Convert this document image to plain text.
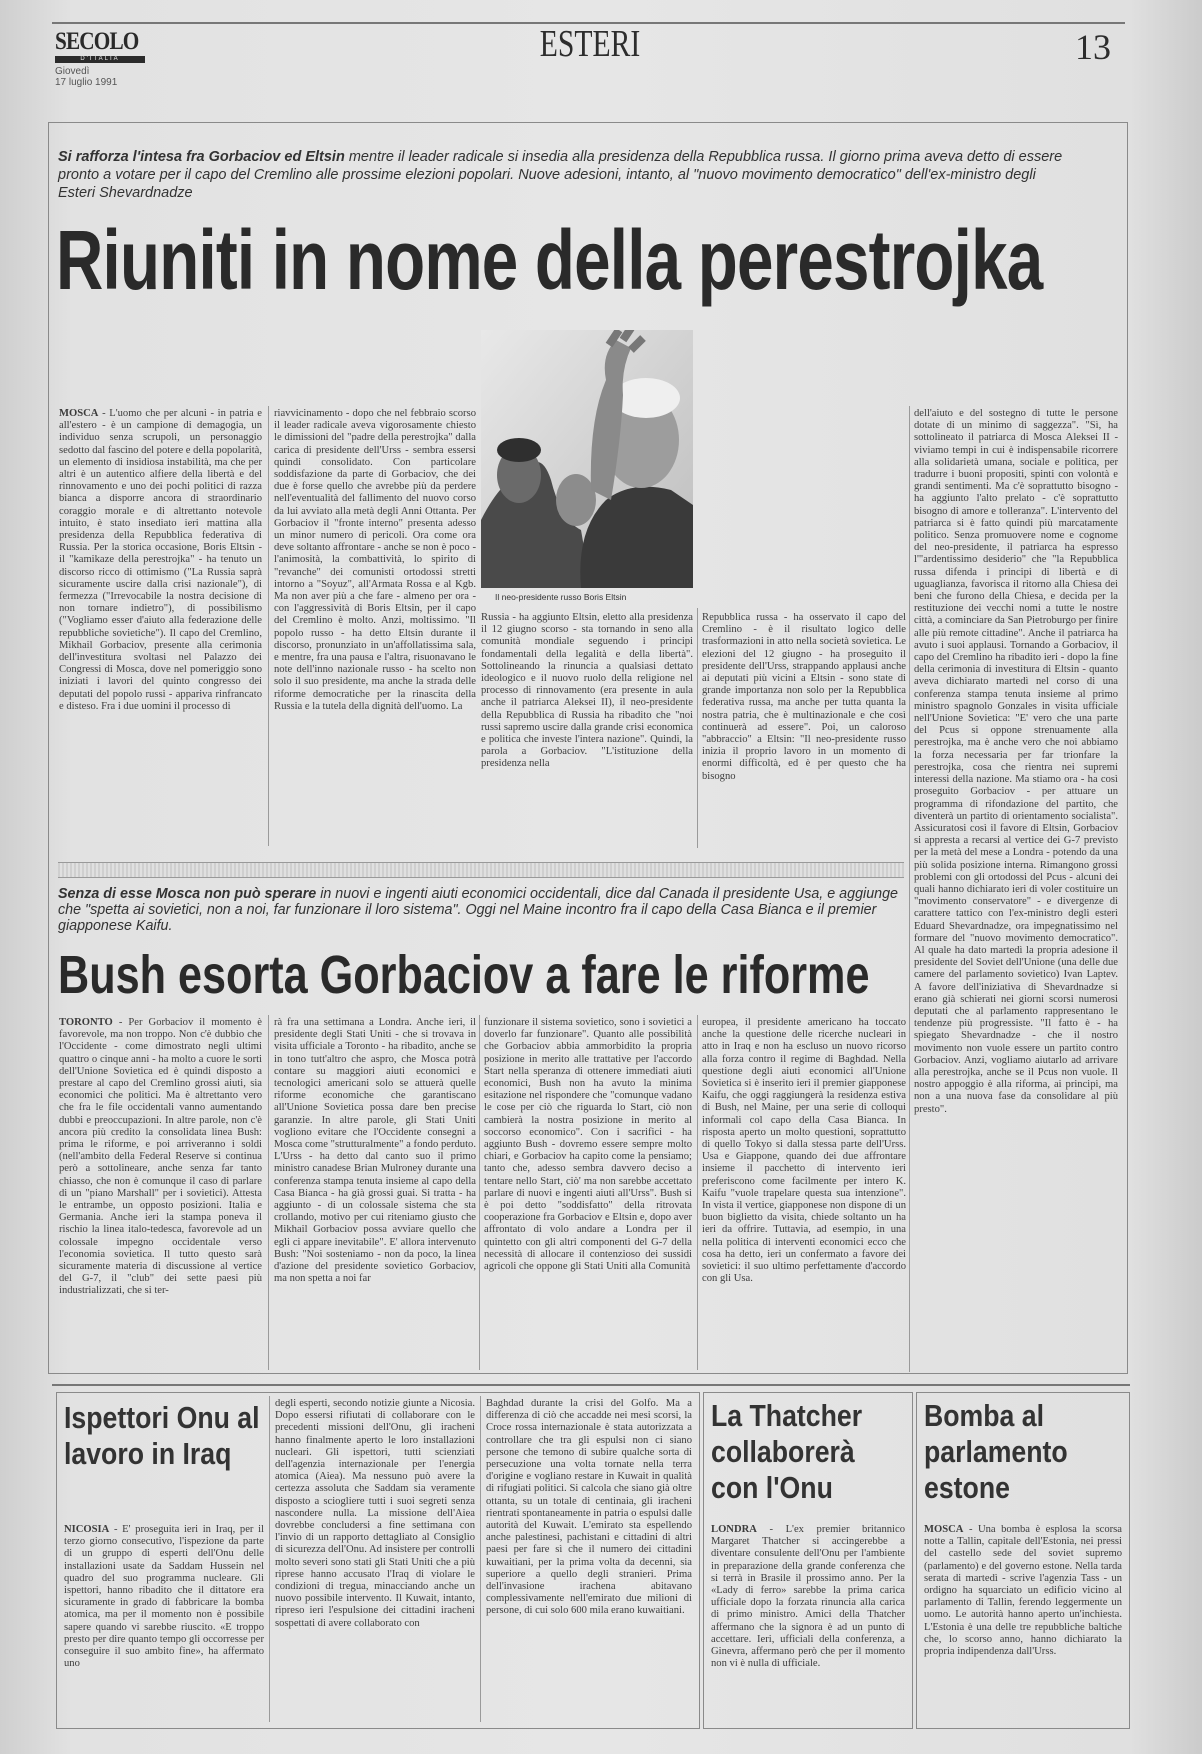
SECOLO
D'ITALIA
Giovedì
17 luglio 1991
ESTERI	13
Si rafforza l'intesa fra Gorbaciov ed Eltsin mentre il leader radicale si insedia alla presidenza della Repubblica russa. Il giorno prima aveva detto di essere pronto a votare per il capo del Cremlino alle prossime elezioni popolari. Nuove adesioni, intanto, al "nuovo movimento democratico" dell'ex-ministro degli Esteri Shevardnadze
Riuniti in nome della perestrojka
Il neo-presidente russo Boris Eltsin
MOSCA - L'uomo che per alcuni - in patria e all'estero - è un campione di demagogia, un individuo senza scrupoli, un personaggio sedotto dal fascino del potere e della popolarità, un elemento di insidiosa instabilità, ma che per altri è un autentico alfiere della libertà e del rinnovamento e uno dei pochi politici di razza bianca a disporre ancora di straordinario coraggio morale e di altrettanto notevole intuito, è stato insediato ieri mattina alla presidenza della Repubblica federativa di Russia. Per la storica occasione, Boris Eltsin - il "kamikaze della perestrojka" - ha tenuto un discorso ricco di ottimismo ("La Russia saprà sicuramente uscire dalla crisi nazionale"), di fermezza ("Irrevocabile la nostra decisione di non tornare indietro"), di possibilismo ("Vogliamo esser d'aiuto alla federazione delle repubbliche sovietiche"). Il capo del Cremlino, Mikhail Gorbaciov, presente alla cerimonia dell'investitura svoltasi nel Palazzo dei Congressi di Mosca, dove nel pomeriggio sono iniziati i lavori del quinto congresso dei deputati del popolo russi - appariva rinfrancato e disteso. Fra i due uomini il processo di
riavvicinamento - dopo che nel febbraio scorso il leader radicale aveva vigorosamente chiesto le dimissioni del "padre della perestrojka" dalla carica di presidente dell'Urss - sembra essersi quindi consolidato. Con particolare soddisfazione da parte di Gorbaciov, che dei due è forse quello che avrebbe più da perdere nell'eventualità del fallimento del nuovo corso da lui avviato alla metà degli Anni Ottanta. Per Gorbaciov il "fronte interno" presenta adesso un minor numero di pericoli. Ora come ora deve soltanto affrontare - anche se non è poco - l'animosità, la combattività, lo spirito di "revanche" dei comunisti ortodossi stretti intorno a "Soyuz", all'Armata Rossa e al Kgb. Ma non aver più a che fare - almeno per ora - con l'aggressività di Boris Eltsin, per il capo del Cremlino è molto. Anzi, moltissimo. "Il popolo russo - ha detto Eltsin durante il discorso, pronunziato in un'affollatissima sala, e mentre, fra una pausa e l'altra, risuonavano le note dell'inno nazionale russo - ha scelto non solo il suo presidente, ma anche la strada delle riforme democratiche per la rinascita della Russia e la tutela della dignità dell'uomo. La
Russia - ha aggiunto Eltsin, eletto alla presidenza il 12 giugno scorso - sta tornando in seno alla comunità mondiale seguendo i principi fondamentali della legalità e della libertà". Sottolineando la rinuncia a qualsiasi dettato ideologico e il nuovo ruolo della religione nel processo di rinnovamento (era presente in aula anche il patriarca Aleksei II), il neo-presidente della Repubblica di Russia ha ribadito che "noi russi sapremo uscire dalla grande crisi economica e politica che investe l'intera nazione". Quindi, la parola a Gorbaciov. "L'istituzione della presidenza nella
Repubblica russa - ha osservato il capo del Cremlino - è il risultato logico delle trasformazioni in atto nella società sovietica. Le elezioni del 12 giugno - ha proseguito il presidente dell'Urss, strappando applausi anche ai deputati più vicini a Eltsin - sono state di grande importanza non solo per la Repubblica federativa russa, ma anche per tutta quanta la nostra patria, che è multinazionale e che così continuerà ad essere". Poi, un caloroso "abbraccio" a Eltsin: "Il neo-presidente russo inizia il proprio lavoro in un momento di enormi difficoltà, ed è per questo che ha bisogno
dell'aiuto e del sostegno di tutte le persone dotate di un minimo di saggezza". "Sì, ha sottolineato il patriarca di Mosca Aleksei II - viviamo tempi in cui è indispensabile ricorrere alla solidarietà umana, sociale e politica, per tradurre i buoni propositi, spinti con volontà e grandi sentimenti. Ma c'è soprattutto bisogno - ha aggiunto l'alto prelato - c'è soprattutto bisogno di amore e tolleranza". L'intervento del patriarca si è fatto quindi più marcatamente politico. Senza promuovere nome e cognome del neo-presidente, il patriarca ha espresso l'"ardentissimo desiderio" che "la Repubblica russa difenda i principi di libertà e di uguaglianza, favorisca il ritorno alla Chiesa dei beni che furono della Chiesa, e decida per la restituzione dei vecchi nomi a tutte le nostre città, a cominciare da San Pietroburgo per finire alle più remote cittadine". Anche il patriarca ha avuto i suoi applausi. Tornando a Gorbaciov, il capo del Cremlino ha ribadito ieri - dopo la fine della cerimonia di investitura di Eltsin - quanto aveva dichiarato martedì nel corso di una conferenza stampa tenuta insieme al primo ministro spagnolo Gonzales in visita ufficiale nell'Unione Sovietica: "E' vero che una parte del Pcus si oppone strenuamente alla perestrojka, ma è anche vero che noi abbiamo la forza necessaria per far trionfare la perestrojka, cosa che rientra nei supremi interessi della nazione. Ma stiamo ora - ha così proseguito Gorbaciov - per attuare un programma di rifondazione del partito, che diventerà un partito di orientamento socialista". Assicuratosi così il favore di Eltsin, Gorbaciov si appresta a recarsi al vertice dei G-7 previsto per la metà del mese a Londra - potendo da una più solida posizione interna. Rimangono grossi problemi con gli ortodossi del Pcus - alcuni dei quali hanno dichiarato ieri di voler costituire un "movimento conservatore" - e divergenze di carattere tattico con l'ex-ministro degli esteri Eduard Shevardnadze, ora impegnatissimo nel formare del "nuovo movimento democratico". Al quale ha dato martedì la propria adesione il presidente del Soviet dell'Unione (una delle due camere del parlamento sovietico) Ivan Laptev. A favore dell'iniziativa di Shevardnadze si erano già schierati nei giorni scorsi numerosi deputati che al parlamento rappresentano le tendenze più progressiste. "Il fatto è - ha spiegato Shevardnadze - che il nostro movimento non vuole essere un partito contro Gorbaciov. Anzi, vogliamo aiutarlo ad arrivare alla perestrojka, anche se il Pcus non vuole. Il nostro appoggio è alla riforma, ai principi, ma non a una nuova fase da consolidare al più presto".
Senza di esse Mosca non può sperare in nuovi e ingenti aiuti economici occidentali, dice dal Canada il presidente Usa, e aggiunge che "spetta ai sovietici, non a noi, far funzionare il loro sistema". Oggi nel Maine incontro fra il capo della Casa Bianca e il premier giapponese Kaifu.
Bush esorta Gorbaciov a fare le riforme
TORONTO - Per Gorbaciov il momento è favorevole, ma non troppo. Non c'è dubbio che l'Occidente - come dimostrato negli ultimi quattro o cinque anni - ha molto a cuore le sorti dell'Unione Sovietica ed è quindi disposto a prestare al capo del Cremlino grossi aiuti, sia economici che politici. Ma è altrettanto vero che fra le file occidentali vanno aumentando dubbi e preoccupazioni. In altre parole, non c'è ancora più credito la consolidata linea Bush: prima le riforme, e poi arriveranno i soldi (nell'ambito della Federal Reserve si continua però a sottolineare, anche senza far tanto chiasso, che non è comunque il caso di parlare di un "piano Marshall" per i sovietici). Attesta le entrambe, un opposto posizioni. Italia e Germania. Anche ieri la stampa poneva il rischio la linea italo-tedesca, favorevole ad un colossale impegno occidentale verso l'economia sovietica. Il tutto questo sarà sicuramente materia di discussione al vertice del G-7, il "club" dei sette paesi più industrializzati, che si ter-
rà fra una settimana a Londra. Anche ieri, il presidente degli Stati Uniti - che si trovava in visita ufficiale a Toronto - ha ribadito, anche se in tono tutt'altro che aspro, che Mosca potrà contare su maggiori aiuti economici e tecnologici americani solo se attuerà quelle riforme economiche che garantiscano all'Unione Sovietica possa dare ben precise garanzie. In altre parole, gli Stati Uniti vogliono evitare che l'Occidente consegni a Mosca come "strutturalmente" a fondo perduto. L'Urss - ha detto dal canto suo il primo ministro canadese Brian Mulroney durante una conferenza stampa tenuta insieme al capo della Casa Bianca - ha già grossi guai. Si tratta - ha aggiunto - di un colossale sistema che sta crollando, motivo per cui riteniamo giusto che Mikhail Gorbaciov possa avviare quello che egli ci appare inevitabile". E' allora intervenuto Bush: "Noi sosteniamo - non da poco, la linea d'azione del presidente sovietico Gorbaciov, ma non spetta a noi far
funzionare il sistema sovietico, sono i sovietici a doverlo far funzionare". Quanto alle possibilità che Gorbaciov abbia ammorbidito la propria posizione in merito alle trattative per l'accordo Start nella speranza di ottenere immediati aiuti economici, Bush non ha avuto la minima esitazione nel rispondere che "comunque vadano le cose per ciò che riguarda lo Start, ciò non cambierà la nostra posizione in merito al soccorso economico". Con i sacrifici - ha aggiunto Bush - dovremo essere sempre molto chiari, e Gorbaciov ha capito come la pensiamo; tanto che, adesso sembra davvero deciso a tentare nello Start, ciò' ma non sarebbe accettato parlare di nuovi e ingenti aiuti all'Urss". Bush si è poi detto "soddisfatto" della ritrovata cooperazione fra Gorbaciov e Eltsin e, dopo aver affrontato di volo andare a Londra per il quintetto con gli altri componenti del G-7 della necessità di allocare il contenzioso dei sussidi agricoli che oppone gli Stati Uniti alla Comunità
europea, il presidente americano ha toccato anche la questione delle ricerche nucleari in atto in Iraq e non ha escluso un nuovo ricorso alla forza contro il regime di Baghdad. Nella questione degli aiuti economici all'Unione Sovietica si è inserito ieri il premier giapponese Kaifu, che oggi raggiungerà la residenza estiva di Bush, nel Maine, per una serie di colloqui informali col capo della Casa Bianca. In risposta aperto un molto questioni, soprattutto di quello Tokyo si dalla stessa parte dell'Urss. Usa e Giappone, quando dei due affrontare insieme il pacchetto di intervento ieri preferiscono come facilmente per intero K. Kaifu "vuole trapelare questa sua intenzione". In vista il vertice, giapponese non dispone di un buon biglietto da visita, chiede soltanto un ha ieri da offrire. Tuttavia, ad esempio, in una nella politica di interventi economici ecco che cosa ha detto, ieri un confermato a favore dei sovietici: il suo ultimo perfettamente d'accordo con gli Usa.
Ispettori Onu al lavoro in Iraq
NICOSIA - E' proseguita ieri in Iraq, per il terzo giorno consecutivo, l'ispezione da parte di un gruppo di esperti dell'Onu delle installazioni usate da Saddam Hussein nel quadro del suo programma nucleare. Gli ispettori, hanno ribadito che il dittatore era sicuramente in grado di fabbricare la bomba atomica, ma per il momento non è possibile sapere quando vi sarebbe riuscito. «E troppo presto per dire quanto tempo gli occorresse per conseguire il suo ambito fine», ha affermato uno
degli esperti, secondo notizie giunte a Nicosia. Dopo essersi rifiutati di collaborare con le precedenti missioni dell'Onu, gli iracheni hanno finalmente aperto le loro installazioni nucleari. Gli ispettori, tutti scienziati dell'agenzia internazionale per l'energia atomica (Aiea). Ma nessuno può avere la certezza assoluta che Saddam sia veramente disposto a sciogliere tutti i suoi segreti senza nascondere nulla. La missione dell'Aiea dovrebbe concludersi a fine settimana con l'invio di un rapporto dettagliato al Consiglio di sicurezza dell'Onu. Ad insistere per controlli molto severi sono stati gli Stati Uniti che a più riprese hanno accusato l'Iraq di violare le condizioni di tregua, minacciando anche un nuovo possibile intervento. Il Kuwait, intanto, ripreso ieri l'espulsione dei cittadini iracheni sospettati di avere collaborato con
Baghdad durante la crisi del Golfo. Ma a differenza di ciò che accadde nei mesi scorsi, la Croce rossa internazionale è stata autorizzata a controllare che tra gli espulsi non ci siano persone che temono di subire qualche sorta di persecuzione una volta tornate nella terra d'origine e vogliano restare in Kuwait in qualità di rifugiati politici. Si calcola che siano già oltre ottanta, su un totale di centinaia, gli iracheni rientrati spontaneamente in patria o espulsi dalle autorità del Kuwait. L'emirato sta espellendo anche palestinesi, pachistani e cittadini di altri paesi per fare sì che il numero dei cittadini kuwaitiani, per la prima volta da decenni, sia superiore a quello degli stranieri. Prima dell'invasione irachena abitavano complessivamente nell'emirato due milioni di persone, di cui solo 600 mila erano kuwaitiani.
La Thatcher collaborerà con l'Onu
LONDRA - L'ex premier britannico Margaret Thatcher si accingerebbe a diventare consulente dell'Onu per l'ambiente in preparazione della grande conferenza che si terrà in Brasile il prossimo anno. Per la «Lady di ferro» sarebbe la prima carica ufficiale dopo la forzata rinuncia alla carica di primo ministro. Amici della Thatcher affermano che la signora è ad un punto di accettare. Ieri, ufficiali della conferenza, a Ginevra, affermano però che per il momento non vi è nulla di ufficiale.
Bomba al parlamento estone
MOSCA - Una bomba è esplosa la scorsa notte a Tallin, capitale dell'Estonia, nei pressi del castello sede del soviet supremo (parlamento) e del governo estone. Nella tarda serata di martedì - scrive l'agenzia Tass - un ordigno ha squarciato un edificio vicino al parlamento di Tallin, ferendo leggermente un uomo. Le autorità hanno aperto un'inchiesta. L'Estonia è una delle tre repubbliche baltiche che, lo scorso anno, hanno dichiarato la propria indipendenza dall'Urss.
